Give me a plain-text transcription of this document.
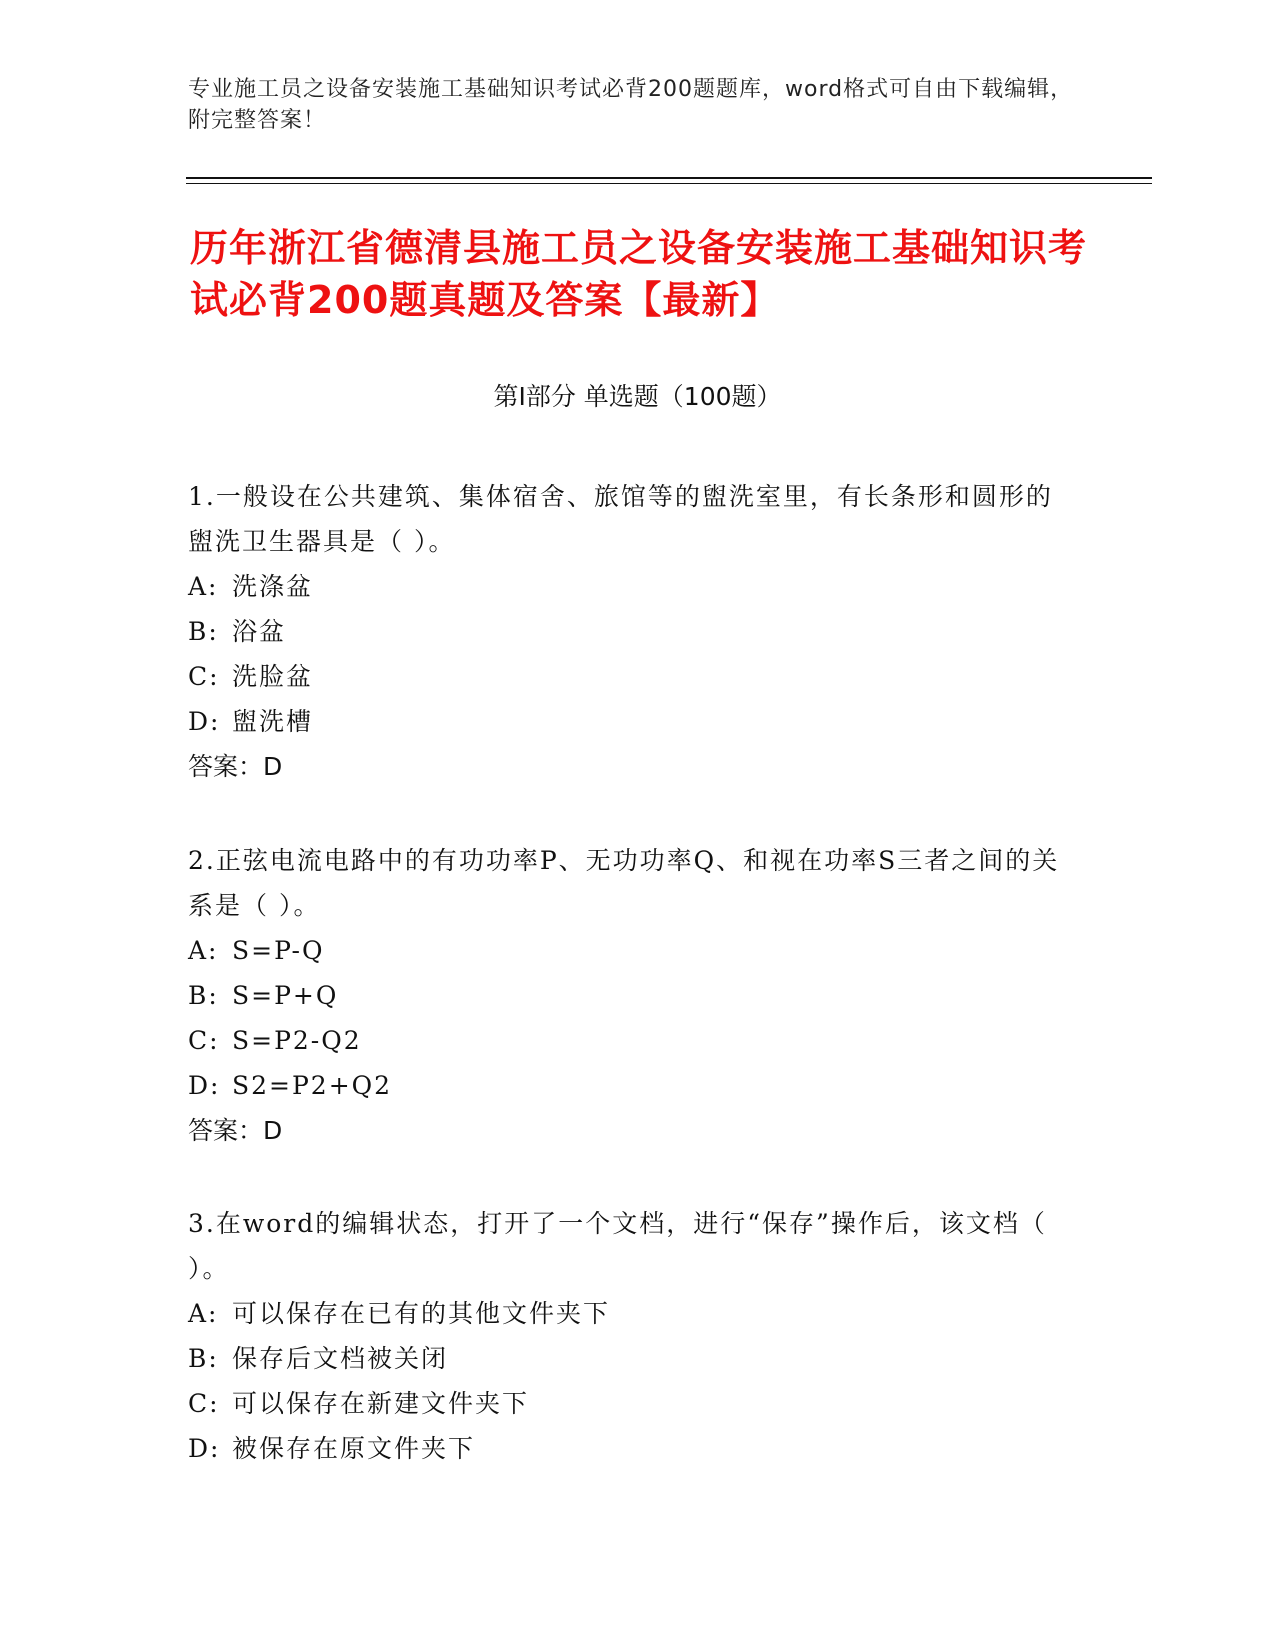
专业施工员之设备安装施工基础知识考试必背200题题库，word格式可自由下载编辑，附完整答案！
历年浙江省德清县施工员之设备安装施工基础知识考试必背200题真题及答案【最新】
第Ⅰ部分 单选题（100题）
1.一般设在公共建筑、集体宿舍、旅馆等的盥洗室里，有长条形和圆形的盥洗卫生器具是（ ）。
A: 洗涤盆
B: 浴盆
C: 洗脸盆
D: 盥洗槽
答案：D
2.正弦电流电路中的有功功率P、无功功率Q、和视在功率S三者之间的关系是（ ）。
A: S=P-Q
B: S=P+Q
C: S=P2-Q2
D: S2=P2+Q2
答案：D
3.在word的编辑状态，打开了一个文档，进行“保存”操作后，该文档（ ）。
A: 可以保存在已有的其他文件夹下
B: 保存后文档被关闭
C: 可以保存在新建文件夹下
D: 被保存在原文件夹下
